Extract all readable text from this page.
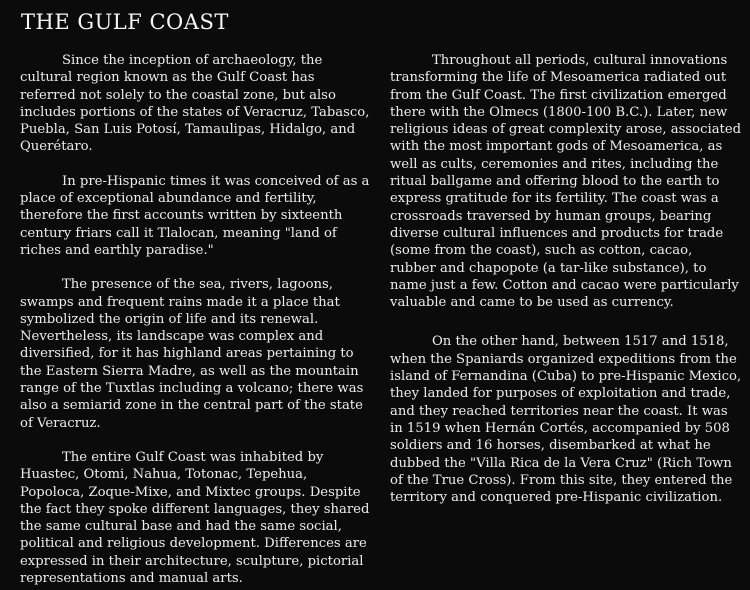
THE GULF COAST

Since the inception of archaeology, the cultural region known as the Gulf Coast has referred not solely to the coastal zone, but also includes portions of the states of Veracruz, Tabasco, Puebla, San Luis Potosí, Tamaulipas, Hidalgo, and Querétaro.

In pre-Hispanic times it was conceived of as a place of exceptional abundance and fertility, therefore the first accounts written by sixteenth century friars call it Tlalocan, meaning "land of riches and earthly paradise."

The presence of the sea, rivers, lagoons, swamps and frequent rains made it a place that symbolized the origin of life and its renewal. Nevertheless, its landscape was complex and diversified, for it has highland areas pertaining to the Eastern Sierra Madre, as well as the mountain range of the Tuxtlas including a volcano; there was also a semiarid zone in the central part of the state of Veracruz.

The entire Gulf Coast was inhabited by Huastec, Otomi, Nahua, Totonac, Tepehua, Popoloca, Zoque-Mixe, and Mixtec groups. Despite the fact they spoke different languages, they shared the same cultural base and had the same social, political and religious development. Differences are expressed in their architecture, sculpture, pictorial representations and manual arts.

Throughout all periods, cultural innovations transforming the life of Mesoamerica radiated out from the Gulf Coast. The first civilization emerged there with the Olmecs (1800-100 B.C.). Later, new religious ideas of great complexity arose, associated with the most important gods of Mesoamerica, as well as cults, ceremonies and rites, including the ritual ballgame and offering blood to the earth to express gratitude for its fertility. The coast was a crossroads traversed by human groups, bearing diverse cultural influences and products for trade (some from the coast), such as cotton, cacao, rubber and chapopote (a tar-like substance), to name just a few. Cotton and cacao were particularly valuable and came to be used as currency.

On the other hand, between 1517 and 1518, when the Spaniards organized expeditions from the island of Fernandina (Cuba) to pre-Hispanic Mexico, they landed for purposes of exploitation and trade, and they reached territories near the coast. It was in 1519 when Hernán Cortés, accompanied by 508 soldiers and 16 horses, disembarked at what he dubbed the "Villa Rica de la Vera Cruz" (Rich Town of the True Cross). From this site, they entered the territory and conquered pre-Hispanic civilization.
